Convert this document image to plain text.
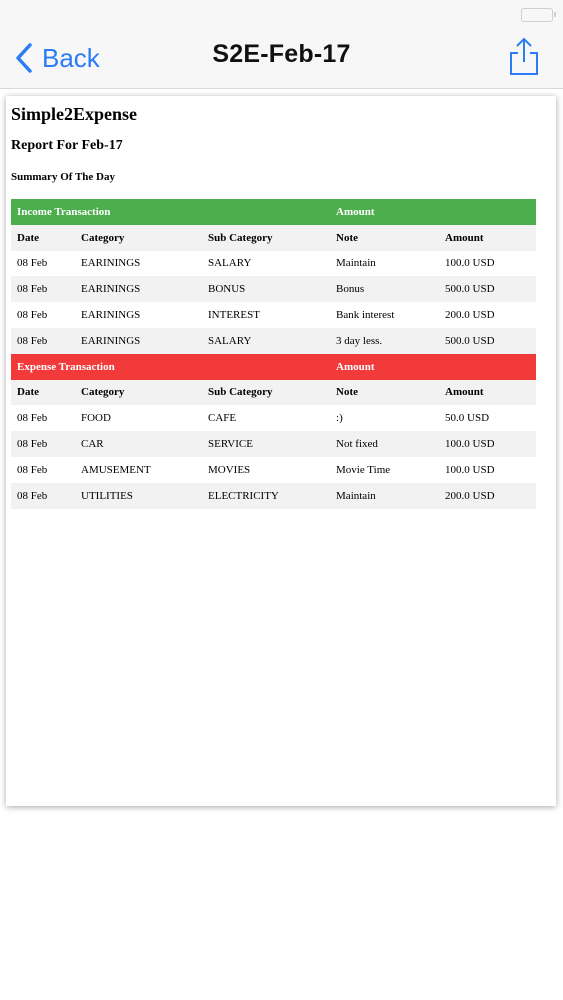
Back	S2E-Feb-17
Simple2Expense
Report For Feb-17
Summary Of The Day
Income Transaction			Amount	
Date	Category	Sub Category	Note	Amount
08 Feb	EARININGS	SALARY	Maintain	100.0 USD
08 Feb	EARININGS	BONUS	Bonus	500.0 USD
08 Feb	EARININGS	INTEREST	Bank interest	200.0 USD
08 Feb	EARININGS	SALARY	3 day less.	500.0 USD
Expense Transaction			Amount	
Date	Category	Sub Category	Note	Amount
08 Feb	FOOD	CAFE	:)	50.0 USD
08 Feb	CAR	SERVICE	Not fixed	100.0 USD
08 Feb	AMUSEMENT	MOVIES	Movie Time	100.0 USD
08 Feb	UTILITIES	ELECTRICITY	Maintain	200.0 USD
